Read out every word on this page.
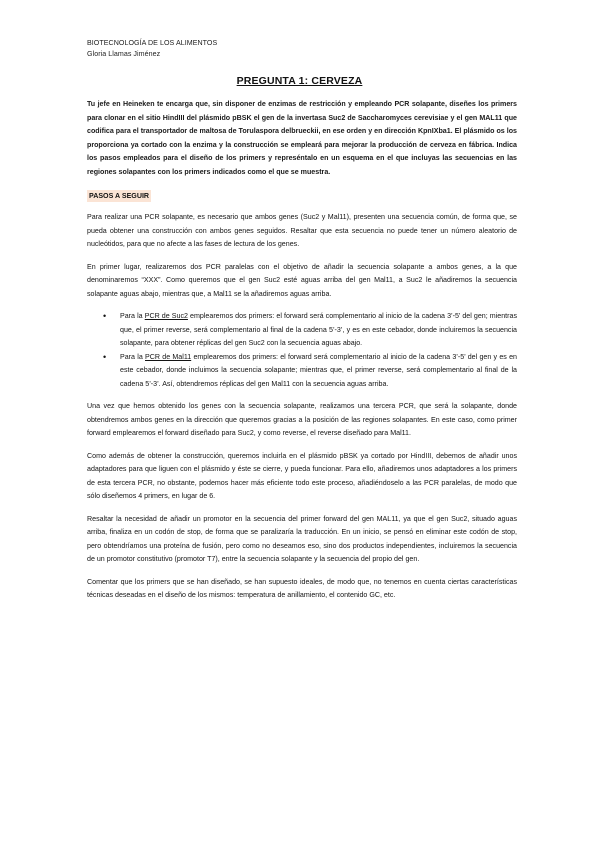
BIOTECNOLOGÍA DE LOS ALIMENTOS
Gloria Llamas Jiménez
PREGUNTA 1: CERVEZA

Tu jefe en Heineken te encarga que, sin disponer de enzimas de restricción y empleando PCR solapante, diseñes los primers para clonar en el sitio HindIII del plásmido pBSK el gen de la invertasa Suc2 de Saccharomyces cerevisiae y el gen MAL11 que codifica para el transportador de maltosa de Torulaspora delbrueckii, en ese orden y en dirección KpnIXba1. El plásmido os los proporciona ya cortado con la enzima y la construcción se empleará para mejorar la producción de cerveza en fábrica. Indica los pasos empleados para el diseño de los primers y represéntalo en un esquema en el que incluyas las secuencias en las regiones solapantes con los primers indicados como el que se muestra.

PASOS A SEGUIR

Para realizar una PCR solapante, es necesario que ambos genes (Suc2 y Mal11), presenten una secuencia común, de forma que, se pueda obtener una construcción con ambos genes seguidos. Resaltar que esta secuencia no puede tener un número aleatorio de nucleótidos, para que no afecte a las fases de lectura de los genes.

En primer lugar, realizaremos dos PCR paralelas con el objetivo de añadir la secuencia solapante a ambos genes, a la que denominaremos “XXX”. Como queremos que el gen Suc2 esté aguas arriba del gen Mal11, a Suc2 le añadiremos la secuencia solapante aguas abajo, mientras que, a Mal11 se la añadiremos aguas arriba.

• Para la PCR de Suc2 emplearemos dos primers: el forward será complementario al inicio de la cadena 3’-5’ del gen; mientras que, el primer reverse, será complementario al final de la cadena 5’-3’, y es en este cebador, donde incluiremos la secuencia solapante, para obtener réplicas del gen Suc2 con la secuencia aguas abajo.
• Para la PCR de Mal11 emplearemos dos primers: el forward será complementario al inicio de la cadena 3’-5’ del gen y es en este cebador, donde incluimos la secuencia solapante; mientras que, el primer reverse, será complementario al final de la cadena 5’-3’. Así, obtendremos réplicas del gen Mal11 con la secuencia aguas arriba.

Una vez que hemos obtenido los genes con la secuencia solapante, realizamos una tercera PCR, que será la solapante, donde obtendremos ambos genes en la dirección que queremos gracias a la posición de las regiones solapantes. En este caso, como primer forward emplearemos el forward diseñado para Suc2, y como reverse, el reverse diseñado para Mal11.

Como además de obtener la construcción, queremos incluirla en el plásmido pBSK ya cortado por HindIII, debemos de añadir unos adaptadores para que liguen con el plásmido y éste se cierre, y pueda funcionar. Para ello, añadiremos unos adaptadores a los primers de esta tercera PCR, no obstante, podemos hacer más eficiente todo este proceso, añadiéndoselo a las PCR paralelas, de modo que sólo diseñemos 4 primers, en lugar de 6.

Resaltar la necesidad de añadir un promotor en la secuencia del primer forward del gen MAL11, ya que el gen Suc2, situado aguas arriba, finaliza en un codón de stop, de forma que se paralizaría la traducción. En un inicio, se pensó en eliminar este codón de stop, pero obtendríamos una proteína de fusión, pero como no deseamos eso, sino dos productos independientes, incluiremos la secuencia de un promotor constitutivo (promotor T7), entre la secuencia solapante y la secuencia del propio del gen.

Comentar que los primers que se han diseñado, se han supuesto ideales, de modo que, no tenemos en cuenta ciertas características técnicas deseadas en el diseño de los mismos: temperatura de anillamiento, el contenido GC, etc.
